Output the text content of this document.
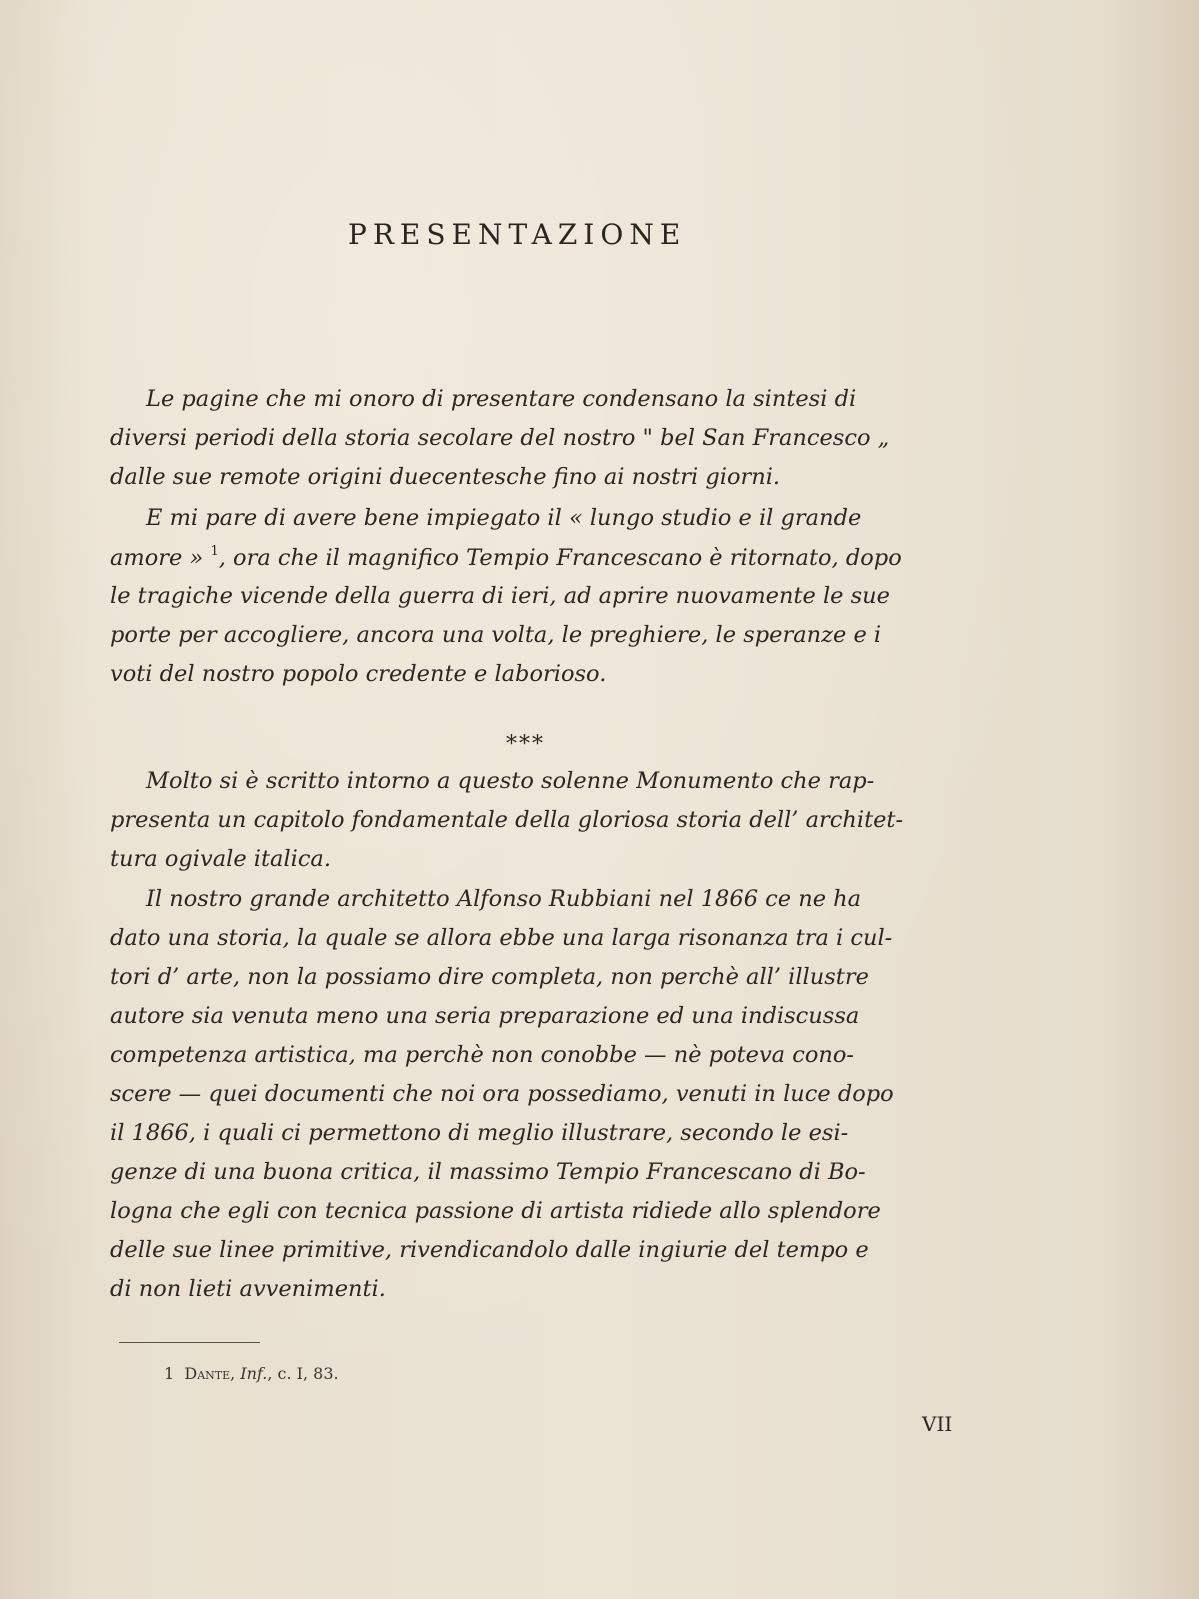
PRESENTAZIONE
Le pagine che mi onoro di presentare condensano la sintesi di
diversi periodi della storia secolare del nostro " bel San Francesco „
dalle sue remote origini duecentesche fino ai nostri giorni.
E mi pare di avere bene impiegato il « lungo studio e il grande
amore » $^1$, ora che il magnifico Tempio Francescano è ritornato, dopo
le tragiche vicende della guerra di ieri, ad aprire nuovamente le sue
porte per accogliere, ancora una volta, le preghiere, le speranze e i
voti del nostro popolo credente e laborioso.
***
Molto si è scritto intorno a questo solenne Monumento che rap-
presenta un capitolo fondamentale della gloriosa storia dell’ architet-
tura ogivale italica.
Il nostro grande architetto Alfonso Rubbiani nel 1866 ce ne ha
dato una storia, la quale se allora ebbe una larga risonanza tra i cul-
tori d’ arte, non la possiamo dire completa, non perchè all’ illustre
autore sia venuta meno una seria preparazione ed una indiscussa
competenza artistica, ma perchè non conobbe — nè poteva cono-
scere — quei documenti che noi ora possediamo, venuti in luce dopo
il 1866, i quali ci permettono di meglio illustrare, secondo le esi-
genze di una buona critica, il massimo Tempio Francescano di Bo-
logna che egli con tecnica passione di artista ridiede allo splendore
delle sue linee primitive, rivendicandolo dalle ingiurie del tempo e
di non lieti avvenimenti.
1 Dante, Inf., c. I, 83.
VII
